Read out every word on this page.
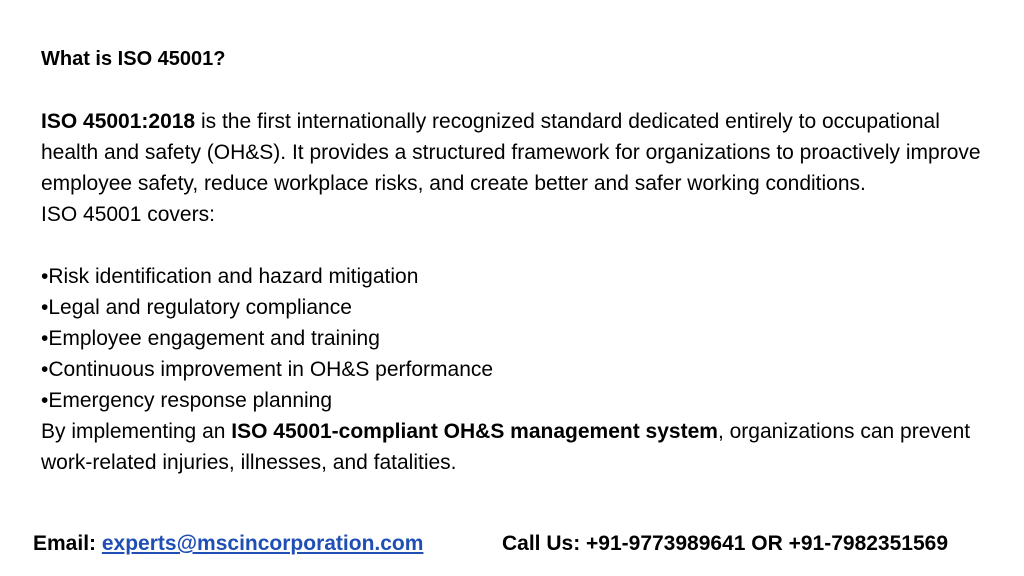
What is ISO 45001?

ISO 45001:2018 is the first internationally recognized standard dedicated entirely to occupational health and safety (OH&S). It provides a structured framework for organizations to proactively improve employee safety, reduce workplace risks, and create better and safer working conditions.

ISO 45001 covers:

•Risk identification and hazard mitigation
•Legal and regulatory compliance
•Employee engagement and training
•Continuous improvement in OH&S performance
•Emergency response planning

By implementing an ISO 45001-compliant OH&S management system, organizations can prevent work-related injuries, illnesses, and fatalities.

Email: experts@mscincorporation.com	Call Us: +91-9773989641 OR +91-7982351569
